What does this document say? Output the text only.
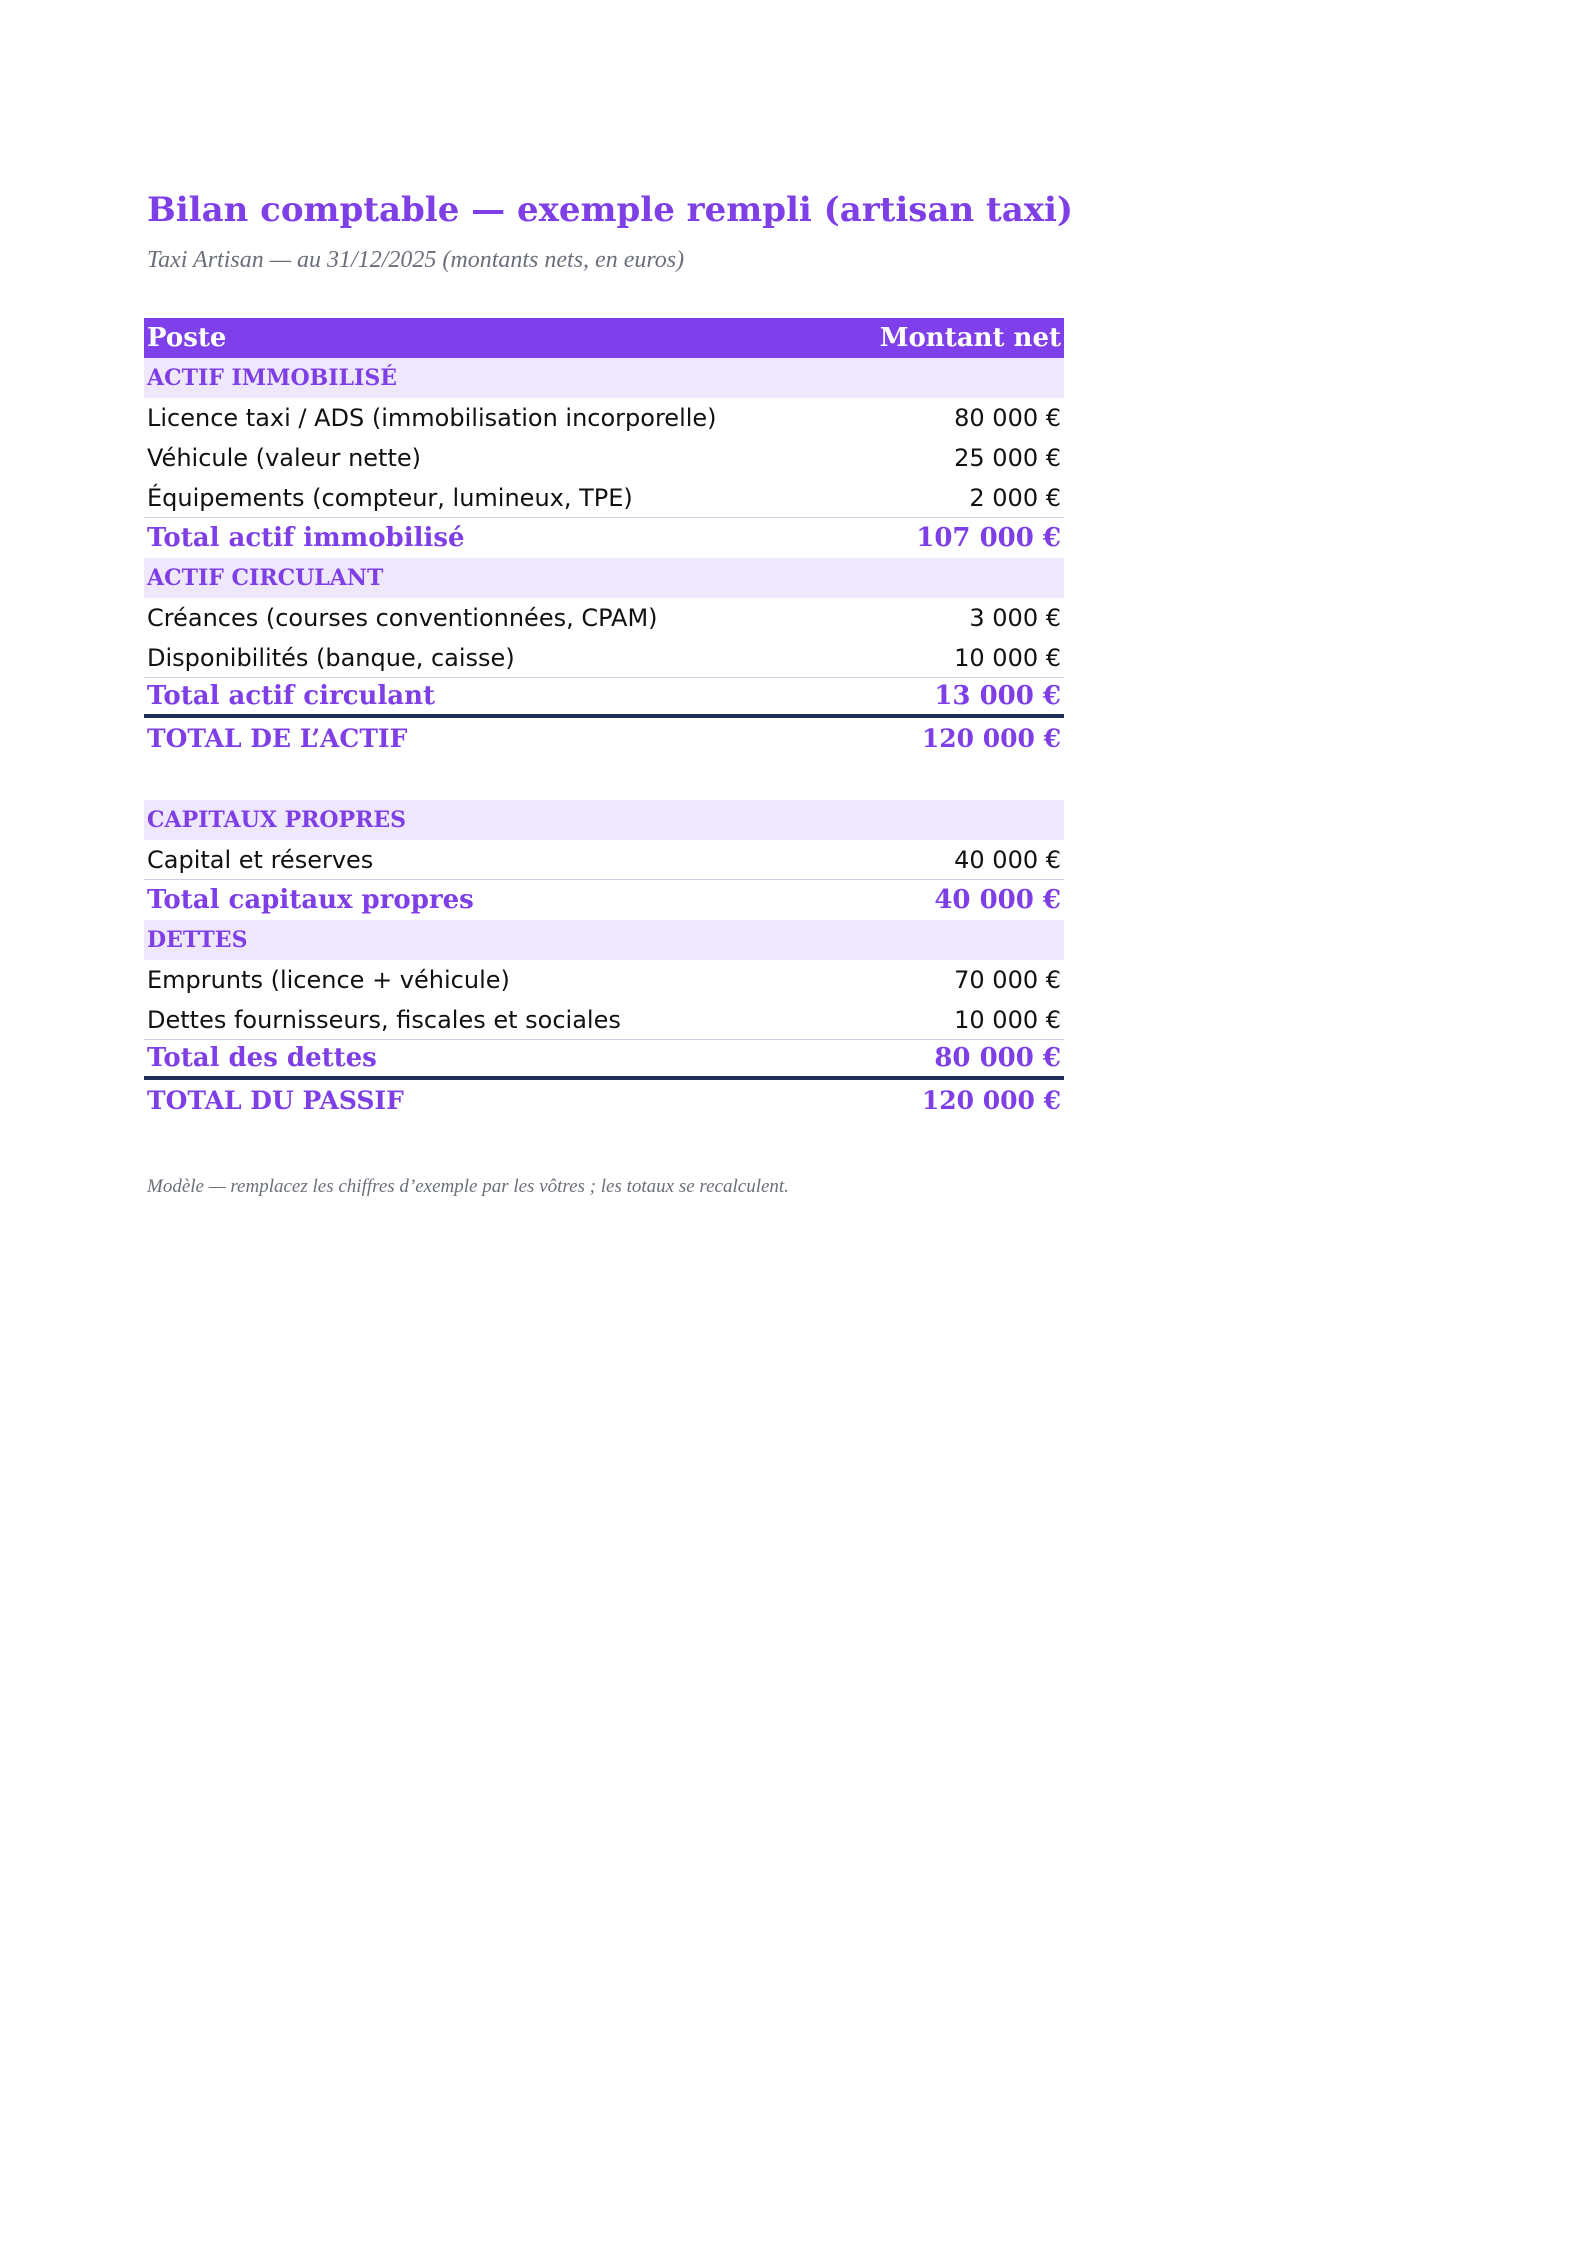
Bilan comptable — exemple rempli (artisan taxi)
Taxi Artisan — au 31/12/2025 (montants nets, en euros)
Poste	Montant net
ACTIF IMMOBILISÉ
Licence taxi / ADS (immobilisation incorporelle)	80 000 €
Véhicule (valeur nette)	25 000 €
Équipements (compteur, lumineux, TPE)	2 000 €
Total actif immobilisé	107 000 €
ACTIF CIRCULANT
Créances (courses conventionnées, CPAM)	3 000 €
Disponibilités (banque, caisse)	10 000 €
Total actif circulant	13 000 €
TOTAL DE L’ACTIF	120 000 €
CAPITAUX PROPRES
Capital et réserves	40 000 €
Total capitaux propres	40 000 €
DETTES
Emprunts (licence + véhicule)	70 000 €
Dettes fournisseurs, fiscales et sociales	10 000 €
Total des dettes	80 000 €
TOTAL DU PASSIF	120 000 €
Modèle — remplacez les chiffres d’exemple par les vôtres ; les totaux se recalculent.
